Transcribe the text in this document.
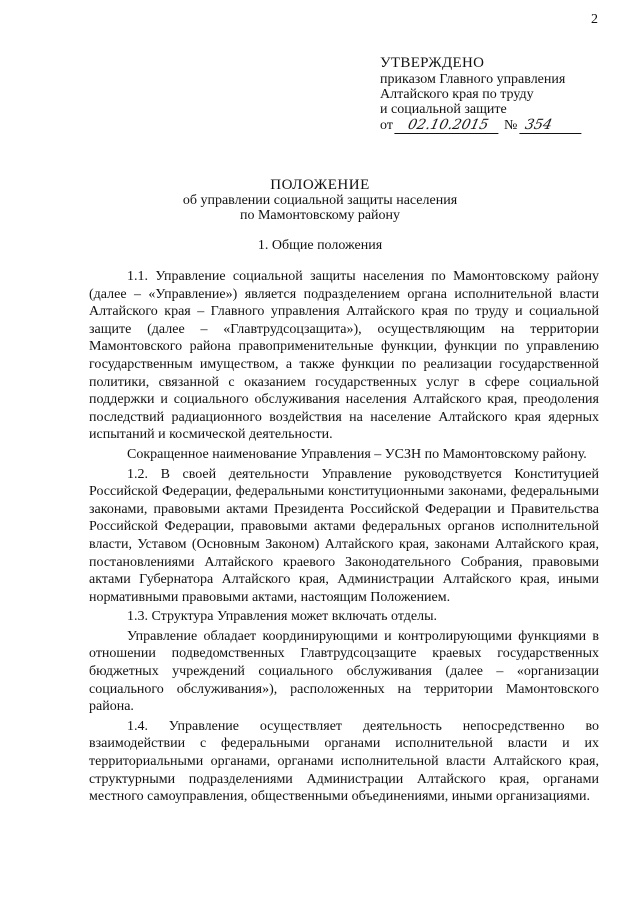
2
УТВЕРЖДЕНО
приказом Главного управления
Алтайского края по труду
и социальной защите
от 02.10.2015 № 354
ПОЛОЖЕНИЕ
об управлении социальной защиты населения
по Мамонтовскому району
1. Общие положения

1.1. Управление социальной защиты населения по Мамонтовскому району (далее – «Управление») является подразделением органа исполнительной власти Алтайского края – Главного управления Алтайского края по труду и социальной защите (далее – «Главтрудсоцзащита»), осуществляющим на территории Мамонтовского района правоприменительные функции, функции по управлению государственным имуществом, а также функции по реализации государственной политики, связанной с оказанием государственных услуг в сфере социальной поддержки и социального обслуживания населения Алтайского края, преодоления последствий радиационного воздействия на население Алтайского края ядерных испытаний и космической деятельности.

Сокращенное наименование Управления – УСЗН по Мамонтовскому району.

1.2. В своей деятельности Управление руководствуется Конституцией Российской Федерации, федеральными конституционными законами, федеральными законами, правовыми актами Президента Российской Федерации и Правительства Российской Федерации, правовыми актами федеральных органов исполнительной власти, Уставом (Основным Законом) Алтайского края, законами Алтайского края, постановлениями Алтайского краевого Законодательного Собрания, правовыми актами Губернатора Алтайского края, Администрации Алтайского края, иными нормативными правовыми актами, настоящим Положением.

1.3. Структура Управления может включать отделы.

Управление обладает координирующими и контролирующими функциями в отношении подведомственных Главтрудсоцзащите краевых государственных бюджетных учреждений социального обслуживания (далее – «организации социального обслуживания»), расположенных на территории Мамонтовского района.

1.4. Управление осуществляет деятельность непосредственно во взаимодействии с федеральными органами исполнительной власти и их территориальными органами, органами исполнительной власти Алтайского края, структурными подразделениями Администрации Алтайского края, органами местного самоуправления, общественными объединениями, иными организациями.
